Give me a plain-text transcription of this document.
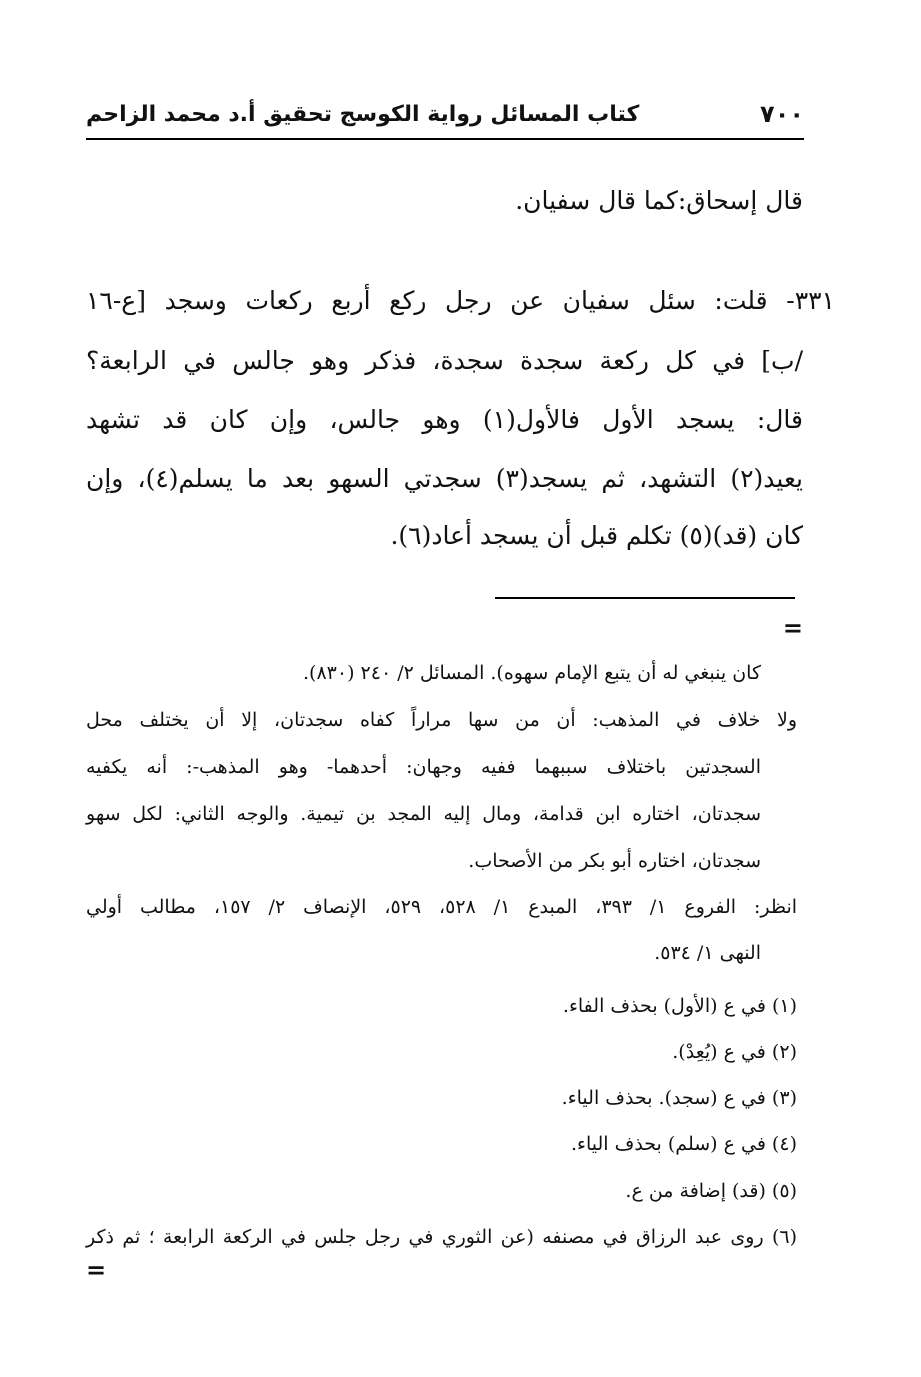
٧٠٠
كتاب المسائل رواية الكوسج تحقيق أ.د محمد الزاحم
قال إسحاق:كما قال سفيان.
٣٣١- قلت: سئل سفيان عن رجل ركع أربع ركعات وسجد [ع-١٦
/ب] في كل ركعة سجدة سجدة، فذكر وهو جالس في الرابعة؟
قال: يسجد الأول فالأول(١) وهو جالس، وإن كان قد تشهد
يعيد(٢) التشهد، ثم يسجد(٣) سجدتي السهو بعد ما يسلم(٤)، وإن
كان (قد)(٥) تكلم قبل أن يسجد أعاد(٦).
=
كان ينبغي له أن يتبع الإمام سهوه). المسائل ٢/ ٢٤٠ (٨٣٠).
ولا خلاف في المذهب: أن من سها مراراً كفاه سجدتان، إلا أن يختلف محل
السجدتين باختلاف سببهما ففيه وجهان: أحدهما- وهو المذهب-: أنه يكفيه
سجدتان، اختاره ابن قدامة، ومال إليه المجد بن تيمية. والوجه الثاني: لكل سهو
سجدتان، اختاره أبو بكر من الأصحاب.
انظر: الفروع ١/ ٣٩٣، المبدع ١/ ٥٢٨، ٥٢٩، الإنصاف ٢/ ١٥٧، مطالب أولي
النهى ١/ ٥٣٤.
(١) في ع (الأول) بحذف الفاء.
(٢) في ع (يُعِدْ).
(٣) في ع (سجد). بحذف الياء.
(٤) في ع (سلم) بحذف الياء.
(٥) (قد) إضافة من ع.
(٦) روى عبد الرزاق في مصنفه (عن الثوري في رجل جلس في الركعة الرابعة ؛ ثم ذكر
=
